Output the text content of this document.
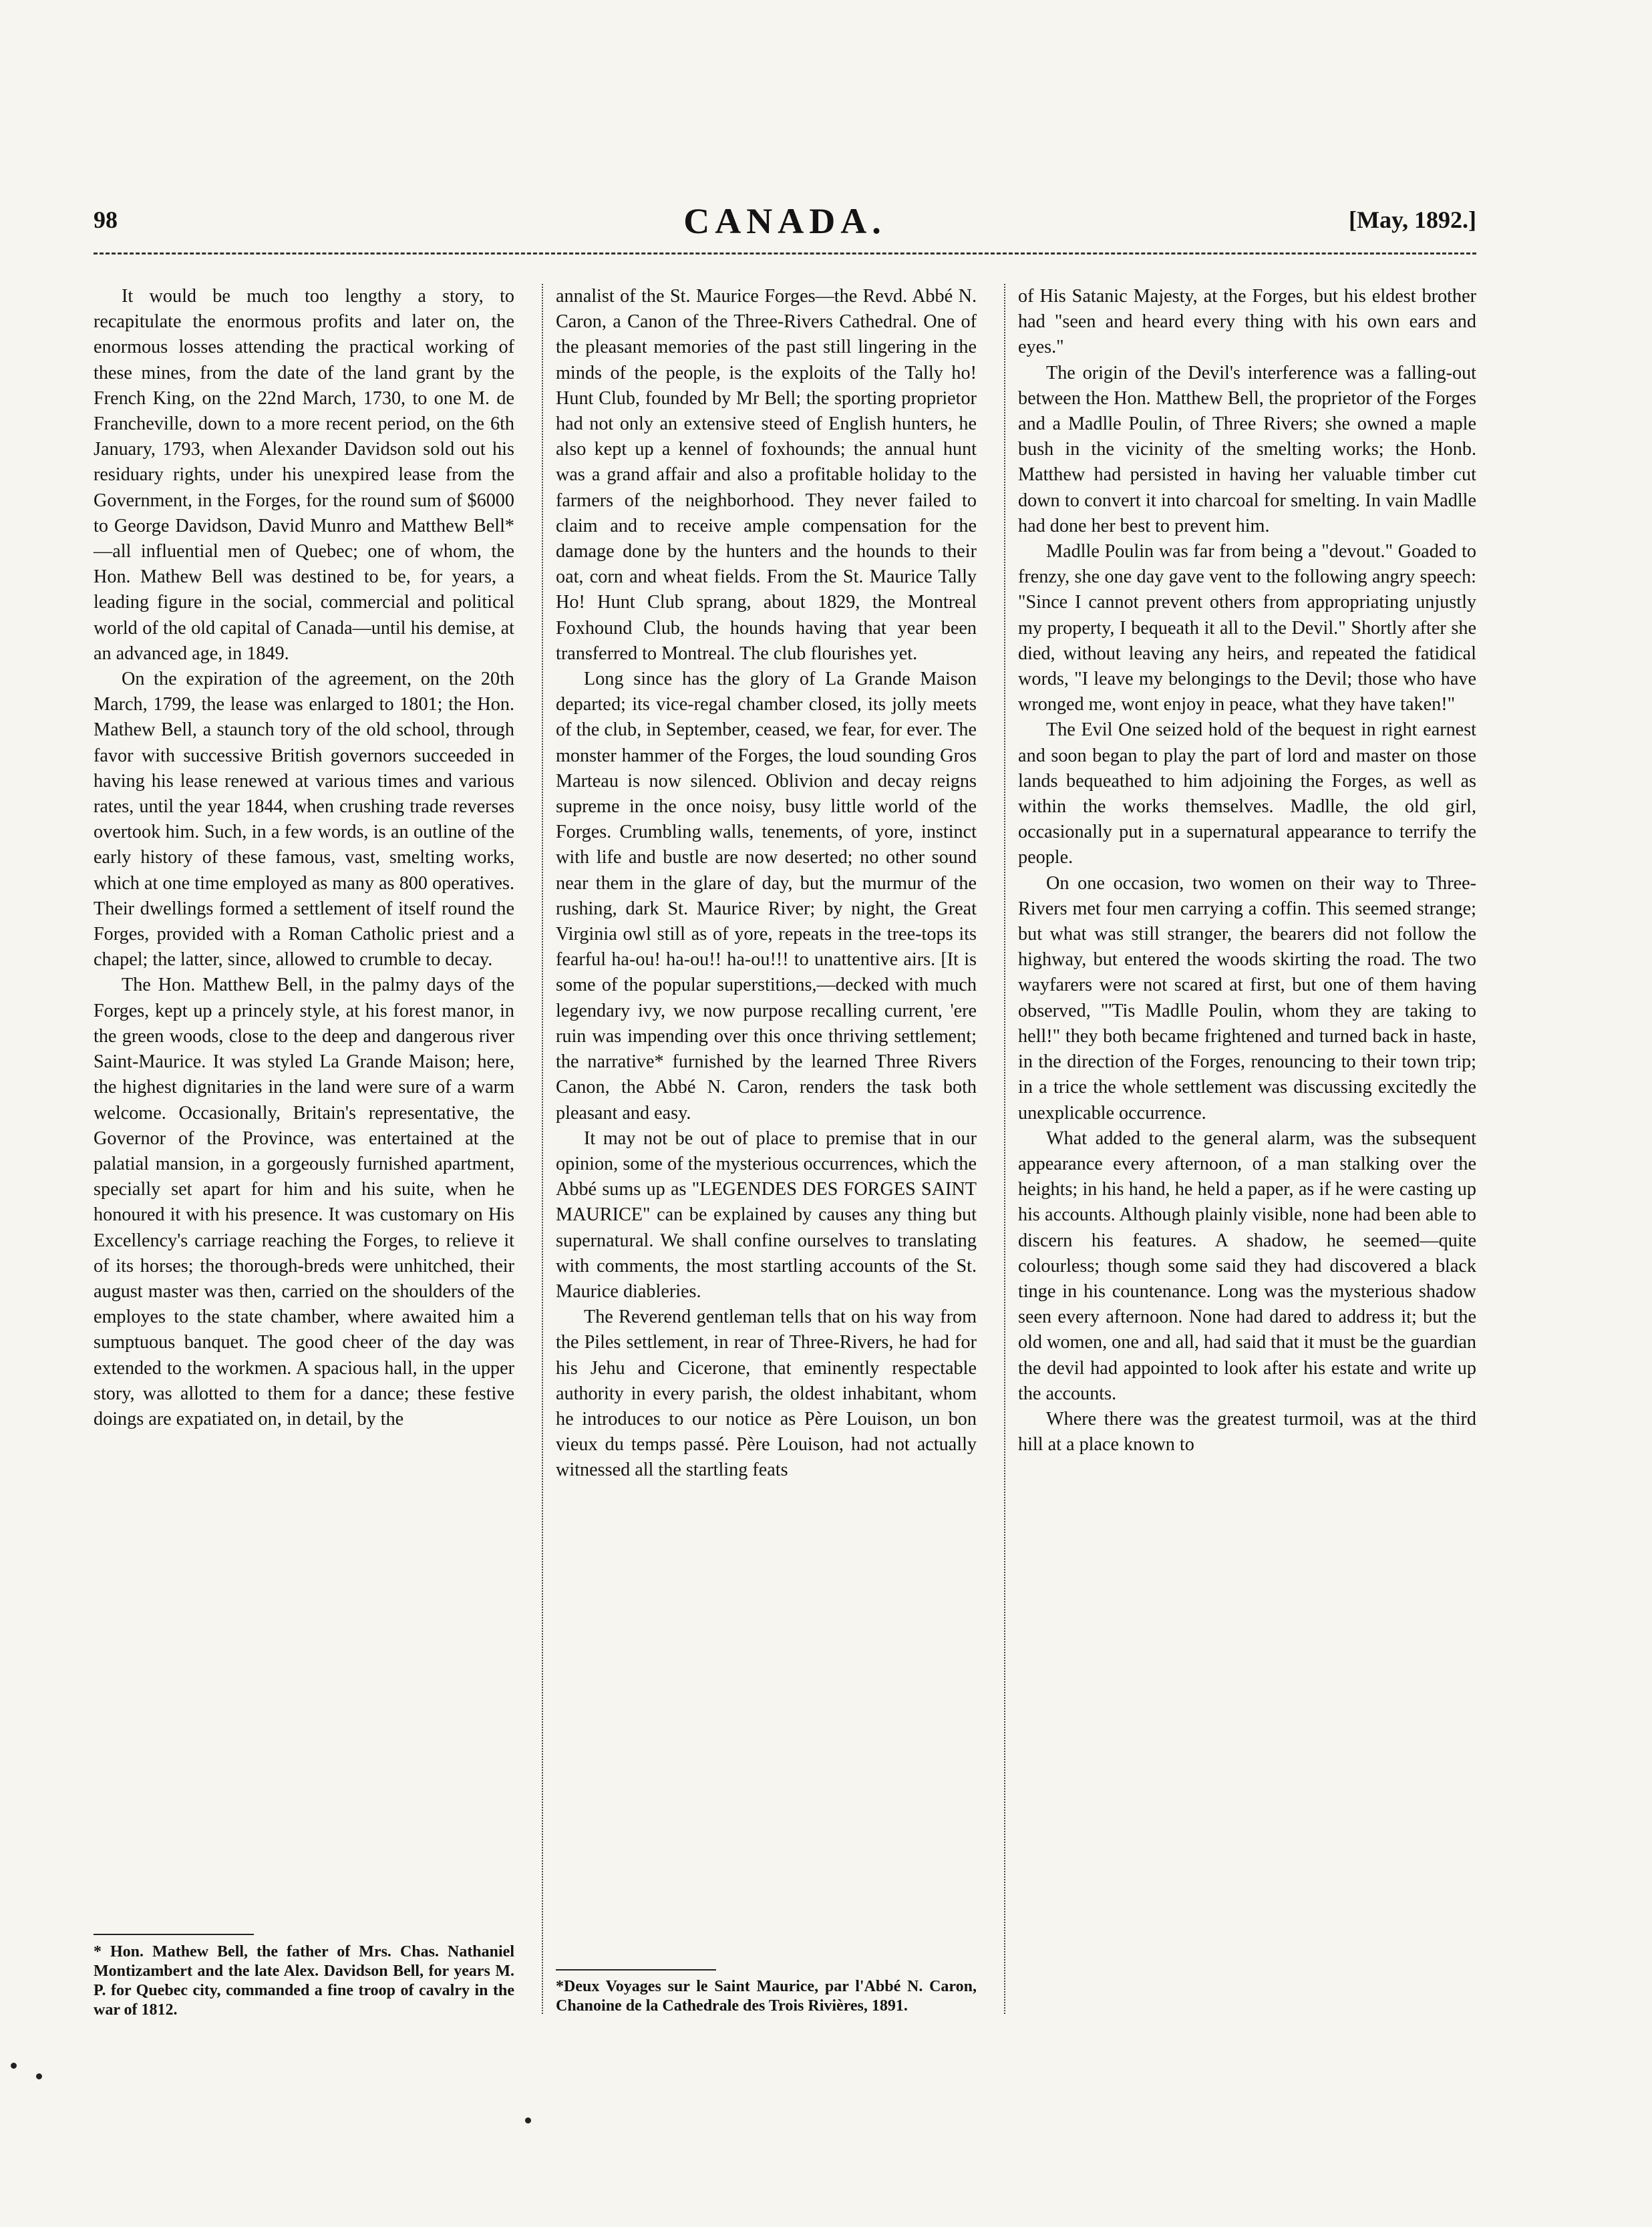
98	CANADA.	[May, 1892.]

It would be much too lengthy a story, to recapitulate the enormous profits and later on, the enormous losses attending the practical working of these mines, from the date of the land grant by the French King, on the 22nd March, 1730, to one M. de Francheville, down to a more recent period, on the 6th January, 1793, when Alexander Davidson sold out his residuary rights, under his unexpired lease from the Government, in the Forges, for the round sum of $6000 to George Davidson, David Munro and Matthew Bell*—all influential men of Quebec; one of whom, the Hon. Mathew Bell was destined to be, for years, a leading figure in the social, commercial and political world of the old capital of Canada—until his demise, at an advanced age, in 1849.

On the expiration of the agreement, on the 20th March, 1799, the lease was enlarged to 1801; the Hon. Mathew Bell, a staunch tory of the old school, through favor with successive British governors succeeded in having his lease renewed at various times and various rates, until the year 1844, when crushing trade reverses overtook him. Such, in a few words, is an outline of the early history of these famous, vast, smelting works, which at one time employed as many as 800 operatives. Their dwellings formed a settlement of itself round the Forges, provided with a Roman Catholic priest and a chapel; the latter, since, allowed to crumble to decay.

The Hon. Matthew Bell, in the palmy days of the Forges, kept up a princely style, at his forest manor, in the green woods, close to the deep and dangerous river Saint-Maurice. It was styled La Grande Maison; here, the highest dignitaries in the land were sure of a warm welcome. Occasionally, Britain's representative, the Governor of the Province, was entertained at the palatial mansion, in a gorgeously furnished apartment, specially set apart for him and his suite, when he honoured it with his presence. It was customary on His Excellency's carriage reaching the Forges, to relieve it of its horses; the thorough-breds were unhitched, their august master was then, carried on the shoulders of the employes to the state chamber, where awaited him a sumptuous banquet. The good cheer of the day was extended to the workmen. A spacious hall, in the upper story, was allotted to them for a dance; these festive doings are expatiated on, in detail, by the

annalist of the St. Maurice Forges—the Revd. Abbé N. Caron, a Canon of the Three-Rivers Cathedral. One of the pleasant memories of the past still lingering in the minds of the people, is the exploits of the Tally ho! Hunt Club, founded by Mr Bell; the sporting proprietor had not only an extensive steed of English hunters, he also kept up a kennel of foxhounds; the annual hunt was a grand affair and also a profitable holiday to the farmers of the neighborhood. They never failed to claim and to receive ample compensation for the damage done by the hunters and the hounds to their oat, corn and wheat fields. From the St. Maurice Tally Ho! Hunt Club sprang, about 1829, the Montreal Foxhound Club, the hounds having that year been transferred to Montreal. The club flourishes yet.

Long since has the glory of La Grande Maison departed; its vice-regal chamber closed, its jolly meets of the club, in September, ceased, we fear, for ever. The monster hammer of the Forges, the loud sounding Gros Marteau is now silenced. Oblivion and decay reigns supreme in the once noisy, busy little world of the Forges. Crumbling walls, tenements, of yore, instinct with life and bustle are now deserted; no other sound near them in the glare of day, but the murmur of the rushing, dark St. Maurice River; by night, the Great Virginia owl still as of yore, repeats in the tree-tops its fearful ha-ou! ha-ou!! ha-ou!!! to unattentive airs. [It is some of the popular superstitions,—decked with much legendary ivy, we now purpose recalling current, 'ere ruin was impending over this once thriving settlement; the narrative* furnished by the learned Three Rivers Canon, the Abbé N. Caron, renders the task both pleasant and easy.

It may not be out of place to premise that in our opinion, some of the mysterious occurrences, which the Abbé sums up as "LEGENDES DES FORGES SAINT MAURICE" can be explained by causes any thing but supernatural. We shall confine ourselves to translating with comments, the most startling accounts of the St. Maurice diableries.

The Reverend gentleman tells that on his way from the Piles settlement, in rear of Three-Rivers, he had for his Jehu and Cicerone, that eminently respectable authority in every parish, the oldest inhabitant, whom he introduces to our notice as Père Louison, un bon vieux du temps passé. Père Louison, had not actually witnessed all the startling feats

of His Satanic Majesty, at the Forges, but his eldest brother had "seen and heard every thing with his own ears and eyes."

The origin of the Devil's interference was a falling-out between the Hon. Matthew Bell, the proprietor of the Forges and a Madlle Poulin, of Three Rivers; she owned a maple bush in the vicinity of the smelting works; the Honb. Matthew had persisted in having her valuable timber cut down to convert it into charcoal for smelting. In vain Madlle had done her best to prevent him.

Madlle Poulin was far from being a "devout." Goaded to frenzy, she one day gave vent to the following angry speech: "Since I cannot prevent others from appropriating unjustly my property, I bequeath it all to the Devil." Shortly after she died, without leaving any heirs, and repeated the fatidical words, "I leave my belongings to the Devil; those who have wronged me, wont enjoy in peace, what they have taken!"

The Evil One seized hold of the bequest in right earnest and soon began to play the part of lord and master on those lands bequeathed to him adjoining the Forges, as well as within the works themselves. Madlle, the old girl, occasionally put in a supernatural appearance to terrify the people.

On one occasion, two women on their way to Three-Rivers met four men carrying a coffin. This seemed strange; but what was still stranger, the bearers did not follow the highway, but entered the woods skirting the road. The two wayfarers were not scared at first, but one of them having observed, "'Tis Madlle Poulin, whom they are taking to hell!" they both became frightened and turned back in haste, in the direction of the Forges, renouncing to their town trip; in a trice the whole settlement was discussing excitedly the unexplicable occurrence.

What added to the general alarm, was the subsequent appearance every afternoon, of a man stalking over the heights; in his hand, he held a paper, as if he were casting up his accounts. Although plainly visible, none had been able to discern his features. A shadow, he seemed—quite colourless; though some said they had discovered a black tinge in his countenance. Long was the mysterious shadow seen every afternoon. None had dared to address it; but the old women, one and all, had said that it must be the guardian the devil had appointed to look after his estate and write up the accounts.

Where there was the greatest turmoil, was at the third hill at a place known to

* Hon. Mathew Bell, the father of Mrs. Chas. Nathaniel Montizambert and the late Alex. Davidson Bell, for years M. P. for Quebec city, commanded a fine troop of cavalry in the war of 1812.
*Deux Voyages sur le Saint Maurice, par l'Abbé N. Caron, Chanoine de la Cathedrale des Trois Rivières, 1891.
